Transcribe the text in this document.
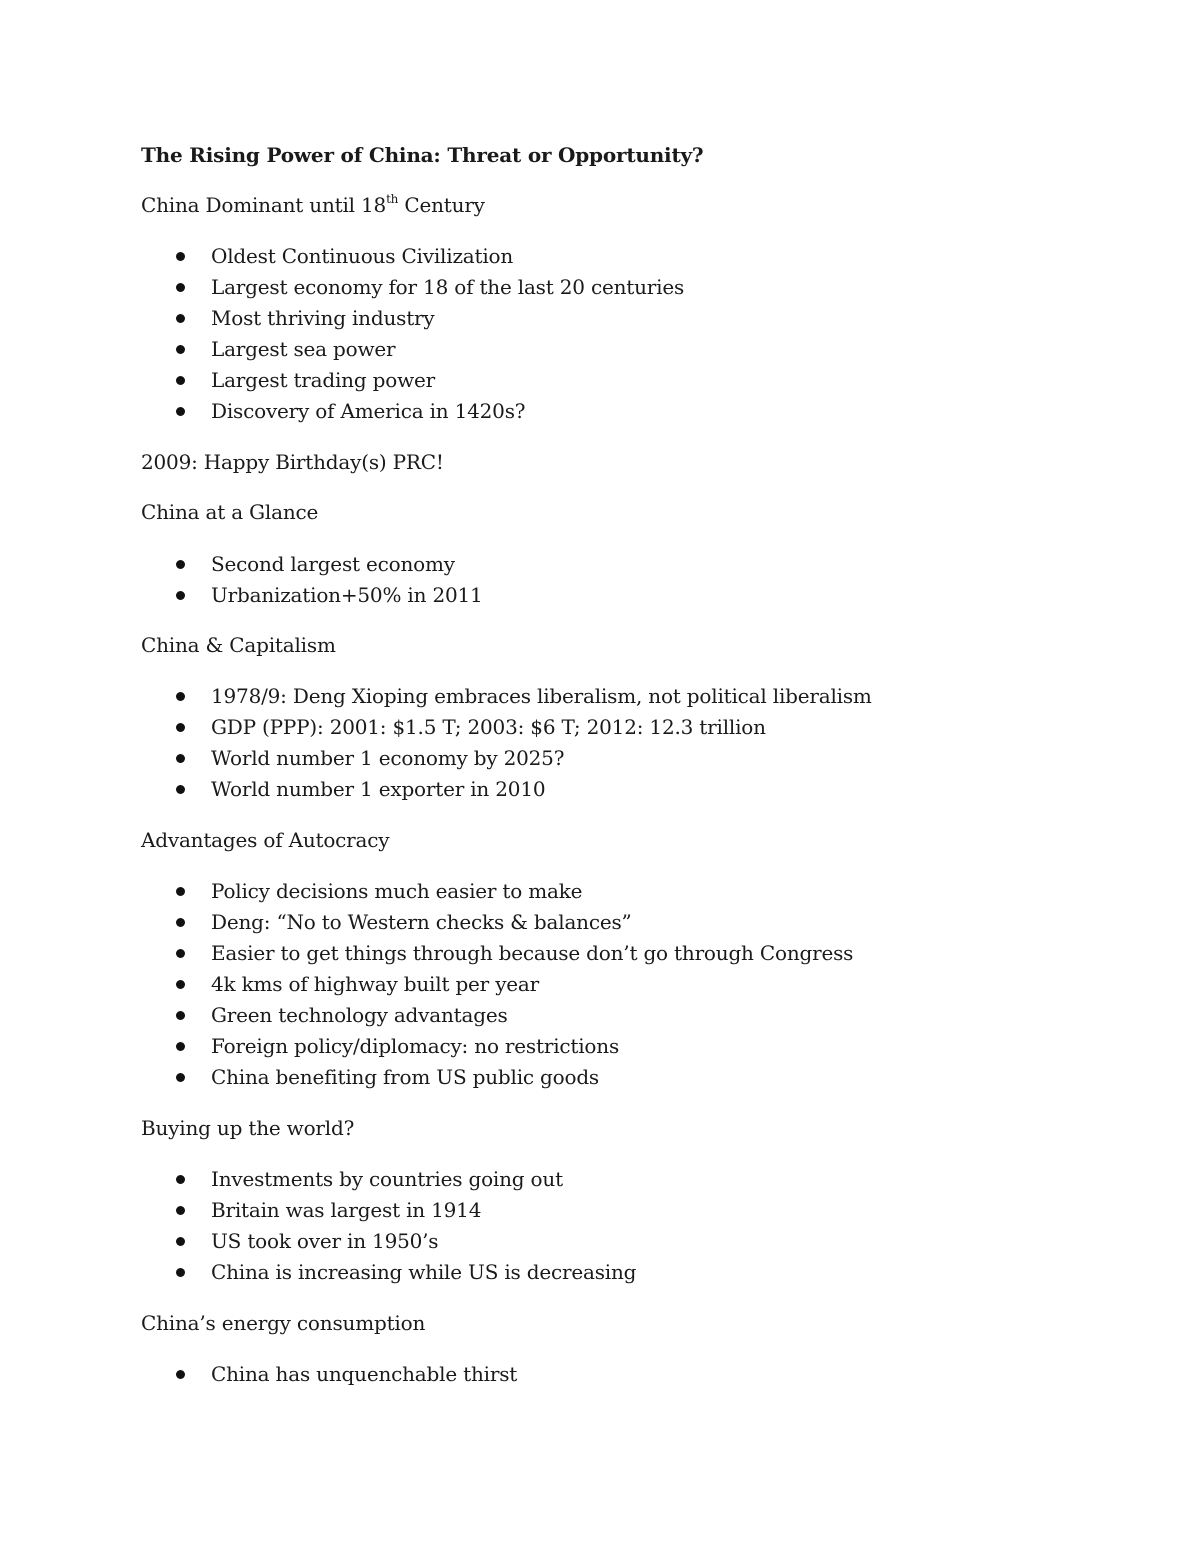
The Rising Power of China: Threat or Opportunity?
China Dominant until 18th Century
Oldest Continuous Civilization
Largest economy for 18 of the last 20 centuries
Most thriving industry
Largest sea power
Largest trading power
Discovery of America in 1420s?
2009: Happy Birthday(s) PRC!
China at a Glance
Second largest economy
Urbanization+50% in 2011
China & Capitalism
1978/9: Deng Xioping embraces liberalism, not political liberalism
GDP (PPP): 2001: $1.5 T; 2003: $6 T; 2012: 12.3 trillion
World number 1 economy by 2025?
World number 1 exporter in 2010
Advantages of Autocracy
Policy decisions much easier to make
Deng: “No to Western checks & balances”
Easier to get things through because don’t go through Congress
4k kms of highway built per year
Green technology advantages
Foreign policy/diplomacy: no restrictions
China benefiting from US public goods
Buying up the world?
Investments by countries going out
Britain was largest in 1914
US took over in 1950’s
China is increasing while US is decreasing
China’s energy consumption
China has unquenchable thirst
